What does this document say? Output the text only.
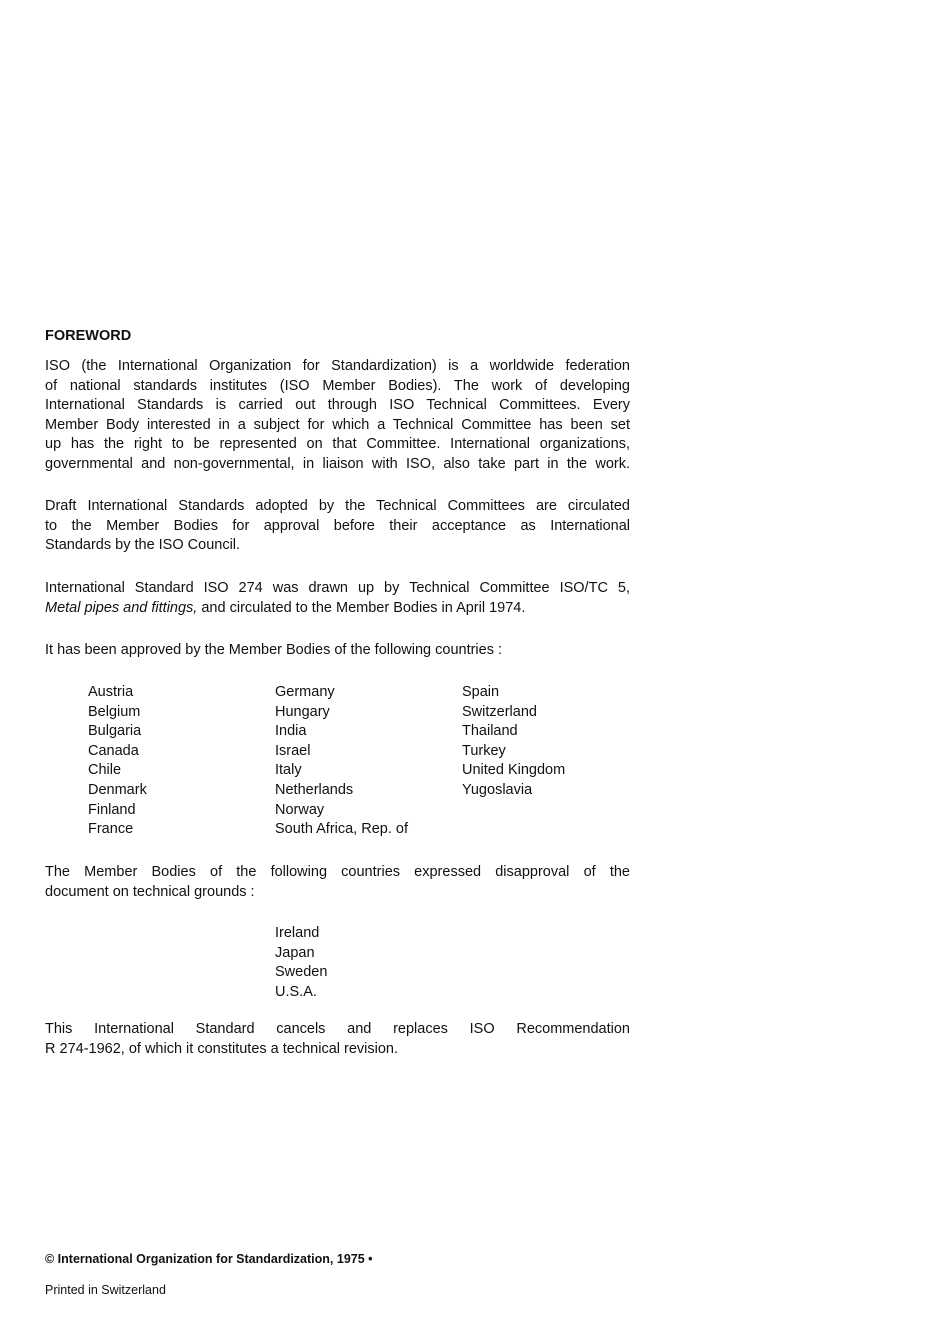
FOREWORD
ISO (the International Organization for Standardization) is a worldwide federation
of national standards institutes (ISO Member Bodies). The work of developing
International Standards is carried out through ISO Technical Committees. Every
Member Body interested in a subject for which a Technical Committee has been set
up has the right to be represented on that Committee. International organizations,
governmental and non-governmental, in liaison with ISO, also take part in the work.
Draft International Standards adopted by the Technical Committees are circulated
to the Member Bodies for approval before their acceptance as International
Standards by the ISO Council.
International Standard ISO 274 was drawn up by Technical Committee ISO/TC 5,
Metal pipes and fittings, and circulated to the Member Bodies in April 1974.
It has been approved by the Member Bodies of the following countries :
Austria
Belgium
Bulgaria
Canada
Chile
Denmark
Finland
France
Germany
Hungary
India
Israel
Italy
Netherlands
Norway
South Africa, Rep. of
Spain
Switzerland
Thailand
Turkey
United Kingdom
Yugoslavia
The Member Bodies of the following countries expressed disapproval of the
document on technical grounds :
Ireland
Japan
Sweden
U.S.A.
This International Standard cancels and replaces ISO Recommendation
R 274-1962, of which it constitutes a technical revision.
© International Organization for Standardization, 1975 •
Printed in Switzerland
